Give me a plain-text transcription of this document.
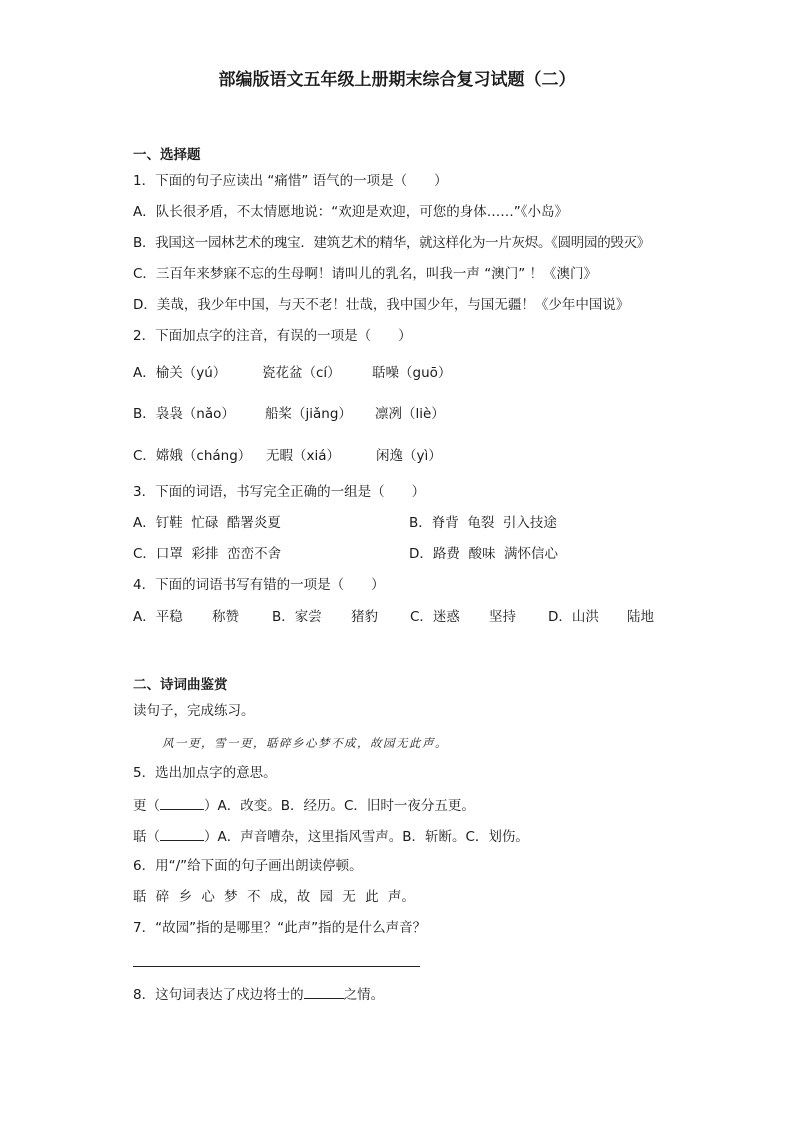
部编版语文五年级上册期末综合复习试题（二）
一、选择题
1．下面的句子应读出 “痛惜” 语气的一项是（　　）
A．队长很矛盾，不太情愿地说：“欢迎是欢迎，可您的身体……”《小岛》
B．我国这一园林艺术的瑰宝．建筑艺术的精华，就这样化为一片灰烬。《圆明园的毁灭》
C．三百年来梦寐不忘的生母啊！请叫儿的乳名，叫我一声 “澳门” ！《澳门》
D．美哉，我少年中国，与天不老！壮哉，我中国少年，与国无疆！《少年中国说》
2．下面加点字的注音，有误的一项是（　　）
A．榆关（yú）	瓷花盆（cí） 聒噪（guō）
B．袅袅（nǎo） 船桨（jiǎng） 凛冽（liè）
C．嫦娥（cháng） 无暇（xiá）	闲逸（yì）
3．下面的词语，书写完全正确的一组是（　　）
A．钉鞋  忙碌  酷署炎夏	B．脊背  龟裂  引入技途
C．口罩  彩排  峦峦不舍	D．路费  酸味  满怀信心
4．下面的词语书写有错的一项是（　　）
A．平稳 称赞 B．家尝 猪豹 C．迷惑 坚持 D．山洪 陆地
二、诗词曲鉴赏
读句子，完成练习。
风一更，雪一更，聒碎乡心梦不成，故园无此声。
5．选出加点字的意思。
更（	）A．改变。B．经历。C．旧时一夜分五更。
聒（	）A．声音嘈杂，这里指风雪声。B．斩断。C．划伤。
6．用“/”给下面的句子画出朗读停顿。
聒 碎 乡 心 梦 不 成，故 园 无 此 声。
7．“故园”指的是哪里？“此声”指的是什么声音？
8．这句词表达了戍边将士的	之情。
